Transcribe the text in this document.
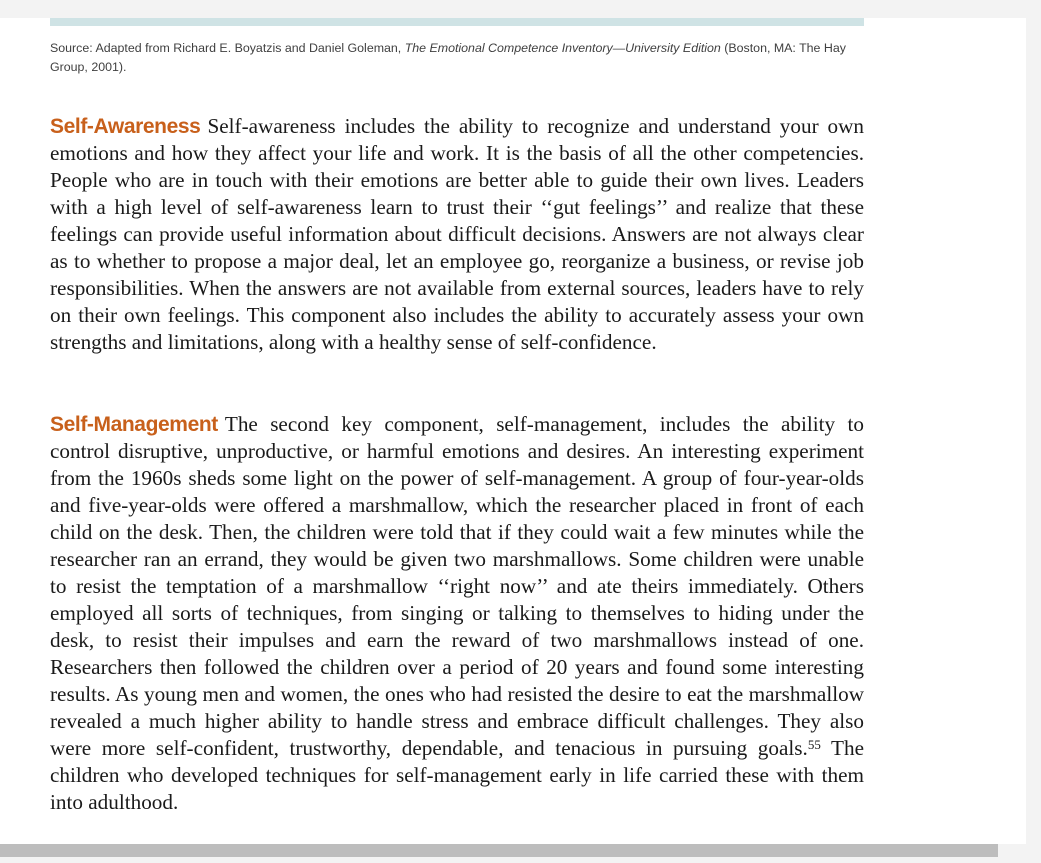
Source: Adapted from Richard E. Boyatzis and Daniel Goleman, The Emotional Competence Inventory—University Edition (Boston, MA: The Hay Group, 2001).
Self-Awareness Self-awareness includes the ability to recognize and understand your own emotions and how they affect your life and work. It is the basis of all the other competencies. People who are in touch with their emotions are better able to guide their own lives. Leaders with a high level of self-awareness learn to trust their ‘‘gut feelings’’ and realize that these feelings can provide useful information about difficult decisions. Answers are not always clear as to whether to propose a major deal, let an employee go, reorganize a business, or revise job responsibilities. When the answers are not available from external sources, leaders have to rely on their own feelings. This component also includes the ability to accurately assess your own strengths and limitations, along with a healthy sense of self-confidence.
Self-Management The second key component, self-management, includes the ability to control disruptive, unproductive, or harmful emotions and desires. An interesting experiment from the 1960s sheds some light on the power of self-management. A group of four-year-olds and five-year-olds were offered a marshmallow, which the researcher placed in front of each child on the desk. Then, the children were told that if they could wait a few minutes while the researcher ran an errand, they would be given two marshmallows. Some children were unable to resist the temptation of a marshmallow ‘‘right now’’ and ate theirs immediately. Others employed all sorts of techniques, from singing or talking to themselves to hiding under the desk, to resist their impulses and earn the reward of two marshmallows instead of one. Researchers then followed the children over a period of 20 years and found some interesting results. As young men and women, the ones who had resisted the desire to eat the marshmallow revealed a much higher ability to handle stress and embrace difficult challenges. They also were more self-confident, trustworthy, dependable, and tenacious in pursuing goals.$^{55}$ The children who developed techniques for self-management early in life carried these with them into adulthood.
